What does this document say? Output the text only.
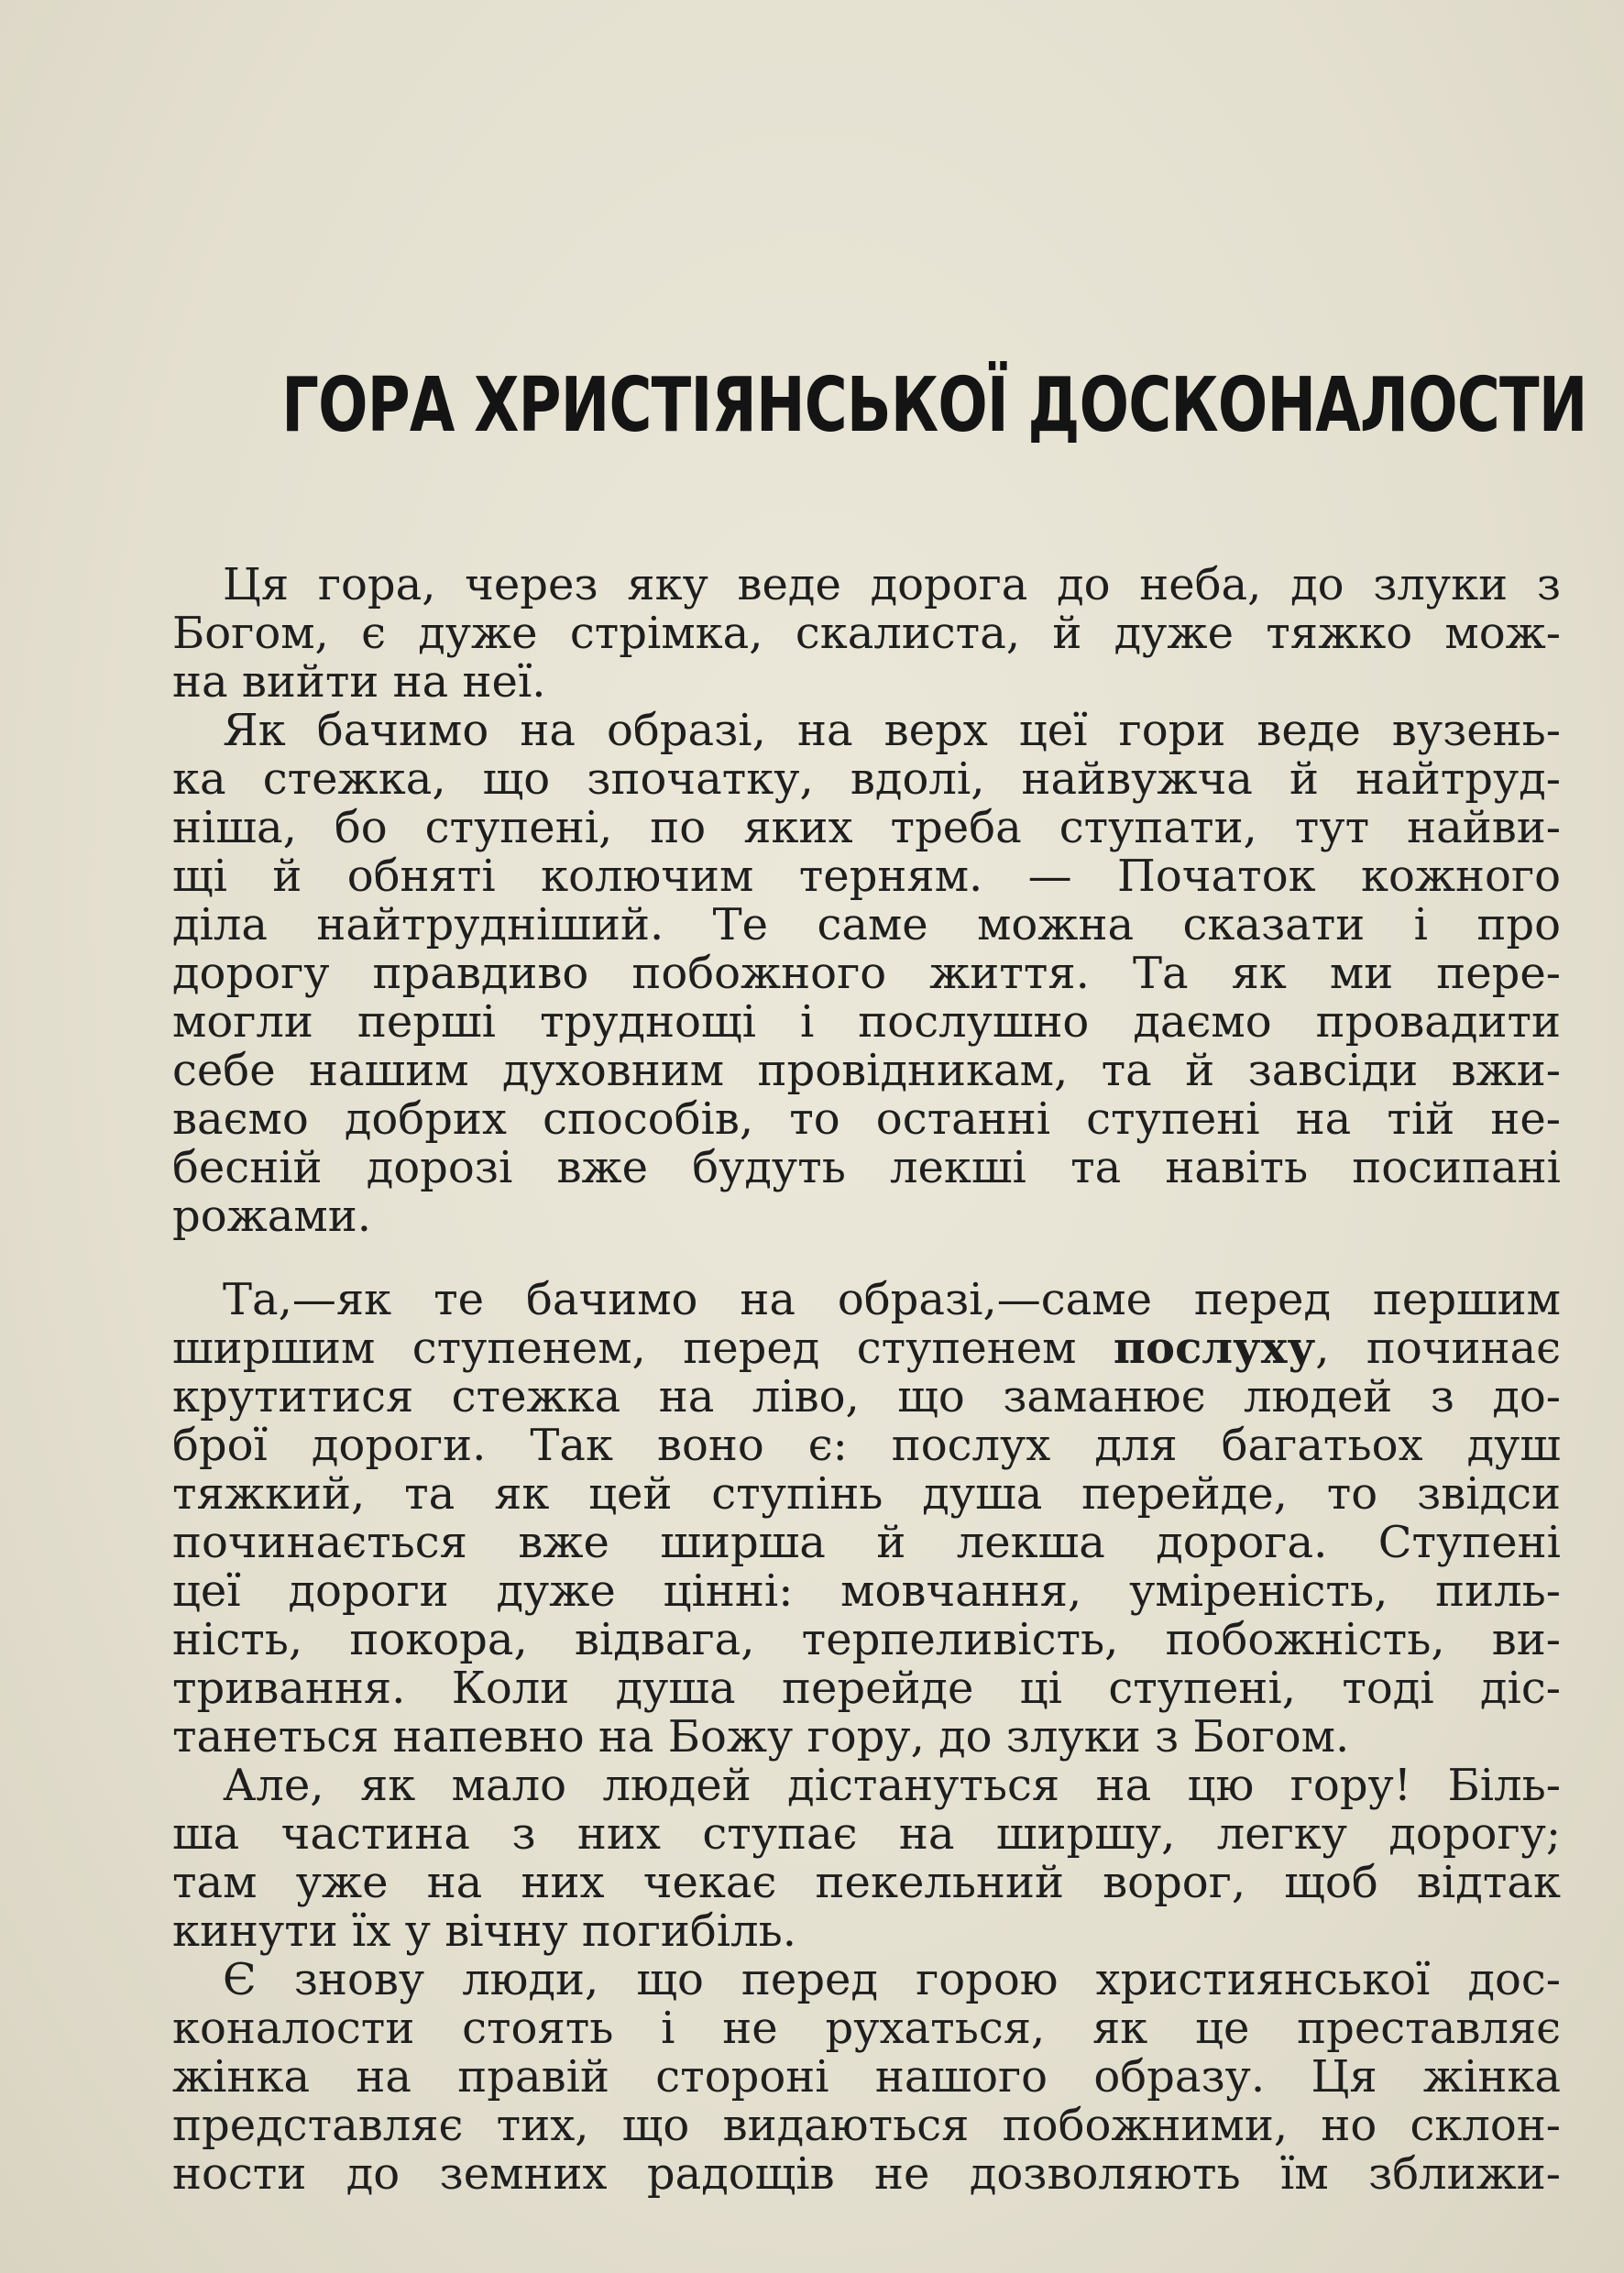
ГОРА ХРИСТІЯНСЬКОЇ ДОСКОНАЛОСТИ
Ця гора, через яку веде дорога до неба, до злуки з
Богом, є дуже стрімка, скалиста, й дуже тяжко мож-
на вийти на неї.
Як бачимо на образі, на верх цеї гори веде вузень-
ка стежка, що зпочатку, вдолі, найвужча й найтруд-
ніша, бо ступені, по яких треба ступати, тут найви-
щі й обняті колючим терням. — Початок кожного
діла найтрудніший. Те саме можна сказати і про
дорогу правдиво побожного життя. Та як ми пере-
могли перші труднощі і послушно даємо провадити
себе нашим духовним провідникам, та й завсіди вжи-
ваємо добрих способів, то останні ступені на тій не-
бесній дорозі вже будуть лекші та навіть посипані
рожами.
Та,—як те бачимо на образі,—саме перед першим
ширшим ступенем, перед ступенем послуху, починає
крутитися стежка на ліво, що заманює людей з до-
брої дороги. Так воно є: послух для багатьох душ
тяжкий, та як цей ступінь душа перейде, то звідси
починається вже ширша й лекша дорога. Ступені
цеї дороги дуже цінні: мовчання, уміреність, пиль-
ність, покора, відвага, терпеливість, побожність, ви-
тривання. Коли душа перейде ці ступені, тоді діс-
танеться напевно на Божу гору, до злуки з Богом.
Але, як мало людей дістануться на цю гору! Біль-
ша частина з них ступає на ширшу, легку дорогу;
там уже на них чекає пекельний ворог, щоб відтак
кинути їх у вічну погибіль.
Є знову люди, що перед горою християнської дос-
коналости стоять і не рухаться, як це преставляє
жінка на правій стороні нашого образу. Ця жінка
представляє тих, що видаються побожними, но склон-
ности до земних радощів не дозволяють їм зближи-
